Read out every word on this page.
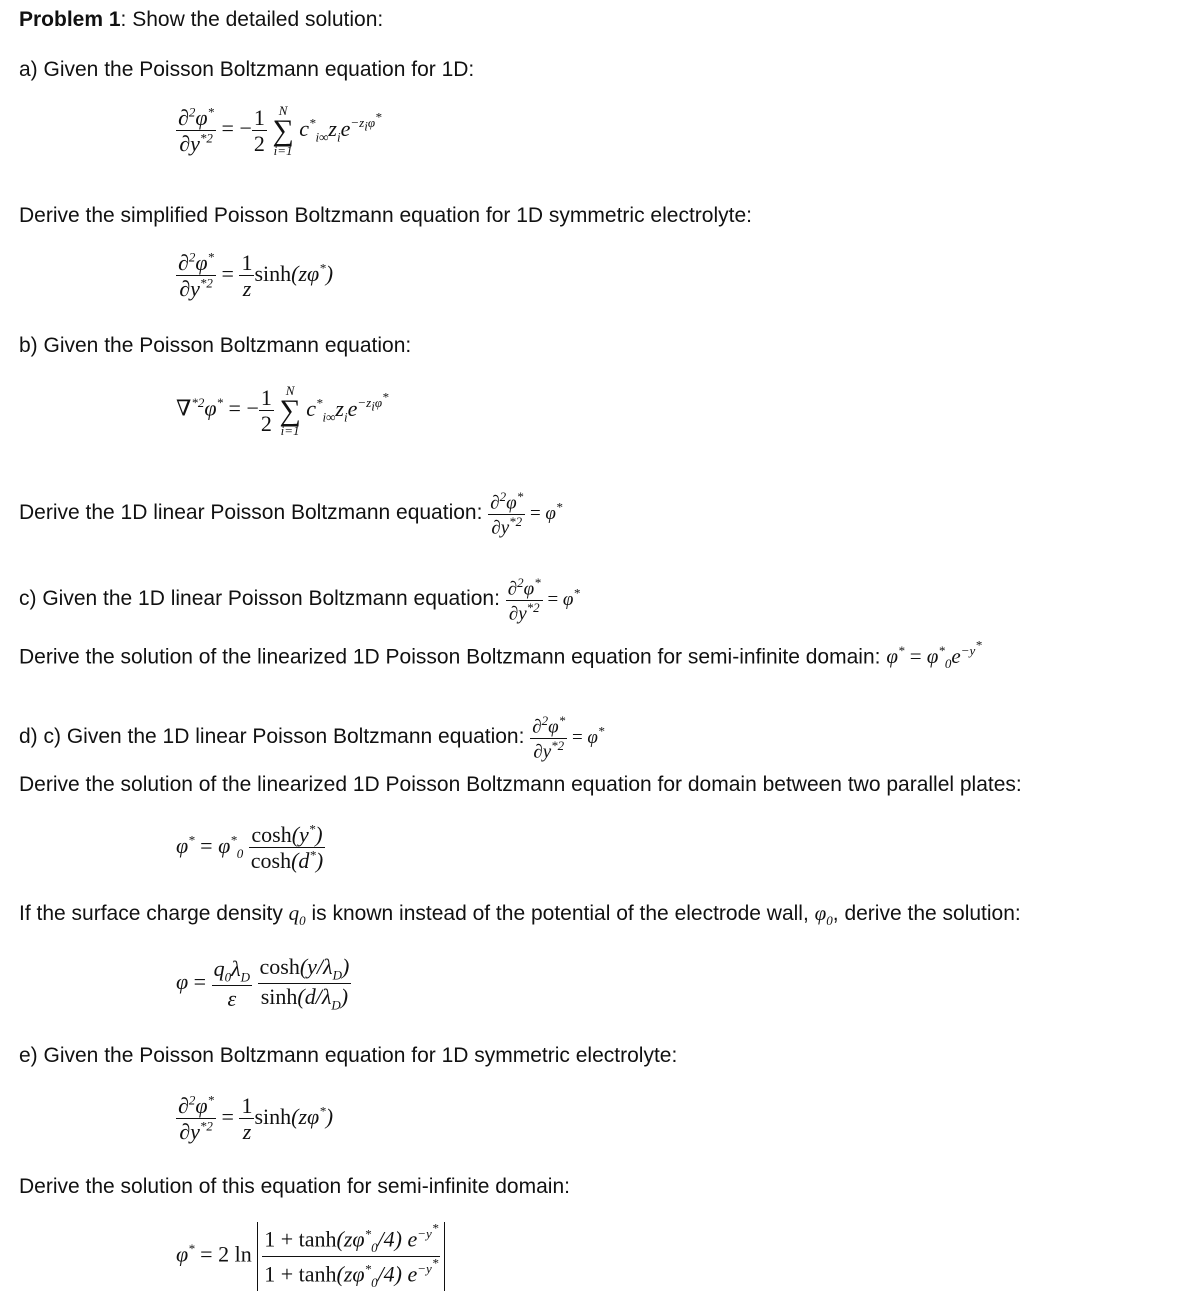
Problem 1: Show the detailed solution:
a) Given the Poisson Boltzmann equation for 1D:
$\frac{\partial^2\varphi^*}{\partial y^{*2}}$ = − $\frac{1}{2}$
N
∑
i=1
$c^*_{i\infty}z_ie^{-z_i\varphi^*}$
Derive the simplified Poisson Boltzmann equation for 1D symmetric electrolyte:
$\frac{\partial^2\varphi^*}{\partial y^{*2}} = \frac{1}{z} \sinh(z\varphi^*)$
b) Given the Poisson Boltzmann equation:
∇$^{*2}$φ* = − $\frac{1}{2}$
N
∑
i=1
$c^*_{i\infty}z_ie^{-z_i\varphi^*}$
Derive the 1D linear Poisson Boltzmann equation: $\frac{\partial^2\varphi^*}{\partial y^{*2}} = \varphi^*$
c) Given the 1D linear Poisson Boltzmann equation: $\frac{\partial^2\varphi^*}{\partial y^{*2}} = \varphi^*$
Derive the solution of the linearized 1D Poisson Boltzmann equation for semi-infinite domain: $\varphi^* = \varphi^*_0e^{-y^*}$
d) c) Given the 1D linear Poisson Boltzmann equation: $\frac{\partial^2\varphi^*}{\partial y^{*2}} = \varphi^*$
Derive the solution of the linearized 1D Poisson Boltzmann equation for domain between two parallel plates:
$\varphi^* = \varphi^*_0 \frac{\cosh(y^*)}{\cosh(d^*)}$
If the surface charge density $q_0$ is known instead of the potential of the electrode wall, $\varphi_0$, derive the solution:
$\varphi = \frac{q_0\lambda_D}{\varepsilon}$
$\frac{\cosh(y/\lambda_D)}{\sinh(d/\lambda_D)}$
e) Given the Poisson Boltzmann equation for 1D symmetric electrolyte:
$\frac{\partial^2\varphi^*}{\partial y^{*2}} = \frac{1}{z} \sinh(z\varphi^*)$
Derive the solution of this equation for semi-infinite domain:
φ* = 2 $\ln \frac{1 + \tanh(z\varphi^*_0/4) e^{-y^*}}{1 + \tanh(z\varphi^*_0/4) e^{-y^*}}$
